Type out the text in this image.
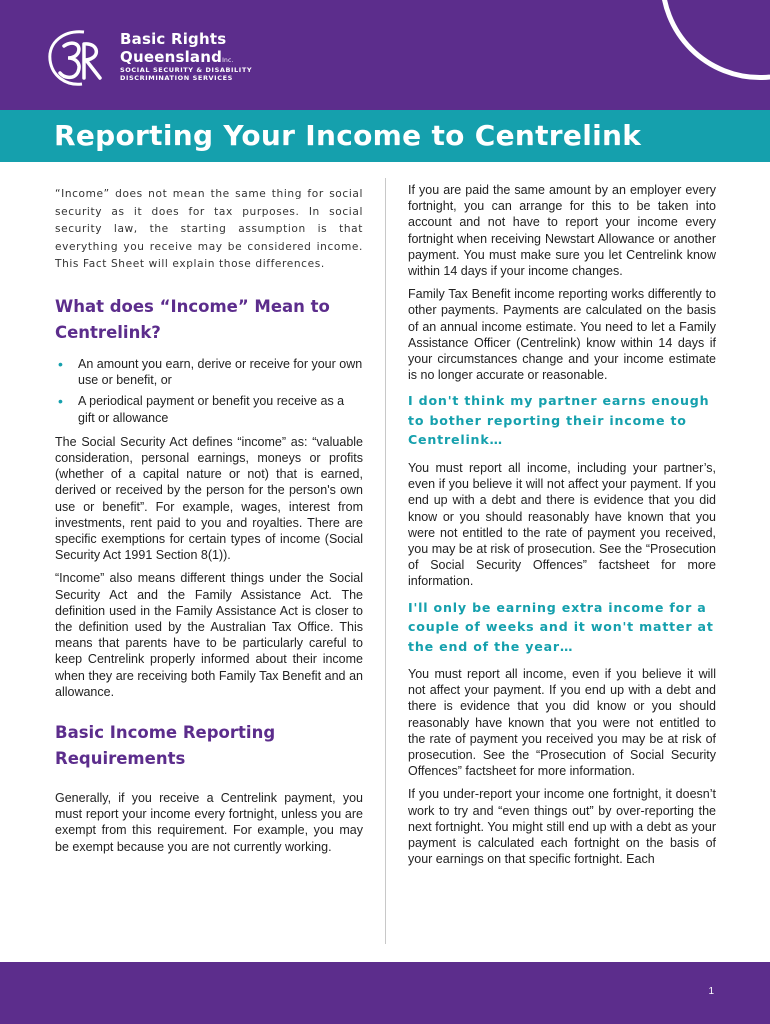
Basic Rights
QueenslandInc.
SOCIAL SECURITY & DISABILITY
DISCRIMINATION SERVICES
Reporting Your Income to Centrelink

“Income” does not mean the same thing for social security as it does for tax purposes. In social security law, the starting assumption is that everything you receive may be considered income. This Fact Sheet will explain those differences.

What does “Income” Mean to Centrelink?
• An amount you earn, derive or receive for your own use or benefit, or
• A periodical payment or benefit you receive as a gift or allowance

The Social Security Act defines “income” as: “valuable consideration, personal earnings, moneys or profits (whether of a capital nature or not) that is earned, derived or received by the person for the person's own use or benefit”. For example, wages, interest from investments, rent paid to you and royalties. There are specific exemptions for certain types of income (Social Security Act 1991 Section 8(1)).

“Income” also means different things under the Social Security Act and the Family Assistance Act. The definition used in the Family Assistance Act is closer to the definition used by the Australian Tax Office. This means that parents have to be particularly careful to keep Centrelink properly informed about their income when they are receiving both Family Tax Benefit and an allowance.

Basic Income Reporting Requirements

Generally, if you receive a Centrelink payment, you must report your income every fortnight, unless you are exempt from this requirement. For example, you may be exempt because you are not currently working.

If you are paid the same amount by an employer every fortnight, you can arrange for this to be taken into account and not have to report your income every fortnight when receiving Newstart Allowance or another payment. You must make sure you let Centrelink know within 14 days if your income changes.

Family Tax Benefit income reporting works differently to other payments. Payments are calculated on the basis of an annual income estimate. You need to let a Family Assistance Officer (Centrelink) know within 14 days if your circumstances change and your income estimate is no longer accurate or reasonable.

I don't think my partner earns enough to bother reporting their income to Centrelink…

You must report all income, including your partner’s, even if you believe it will not affect your payment. If you end up with a debt and there is evidence that you did know or you should reasonably have known that you were not entitled to the rate of payment you received, you may be at risk of prosecution. See the “Prosecution of Social Security Offences” factsheet for more information.

I'll only be earning extra income for a couple of weeks and it won't matter at the end of the year…

You must report all income, even if you believe it will not affect your payment. If you end up with a debt and there is evidence that you did know or you should reasonably have known that you were not entitled to the rate of payment you received you may be at risk of prosecution. See the “Prosecution of Social Security Offences” factsheet for more information.

If you under-report your income one fortnight, it doesn’t work to try and “even things out” by over-reporting the next fortnight. You might still end up with a debt as your payment is calculated each fortnight on the basis of your earnings on that specific fortnight. Each

1
